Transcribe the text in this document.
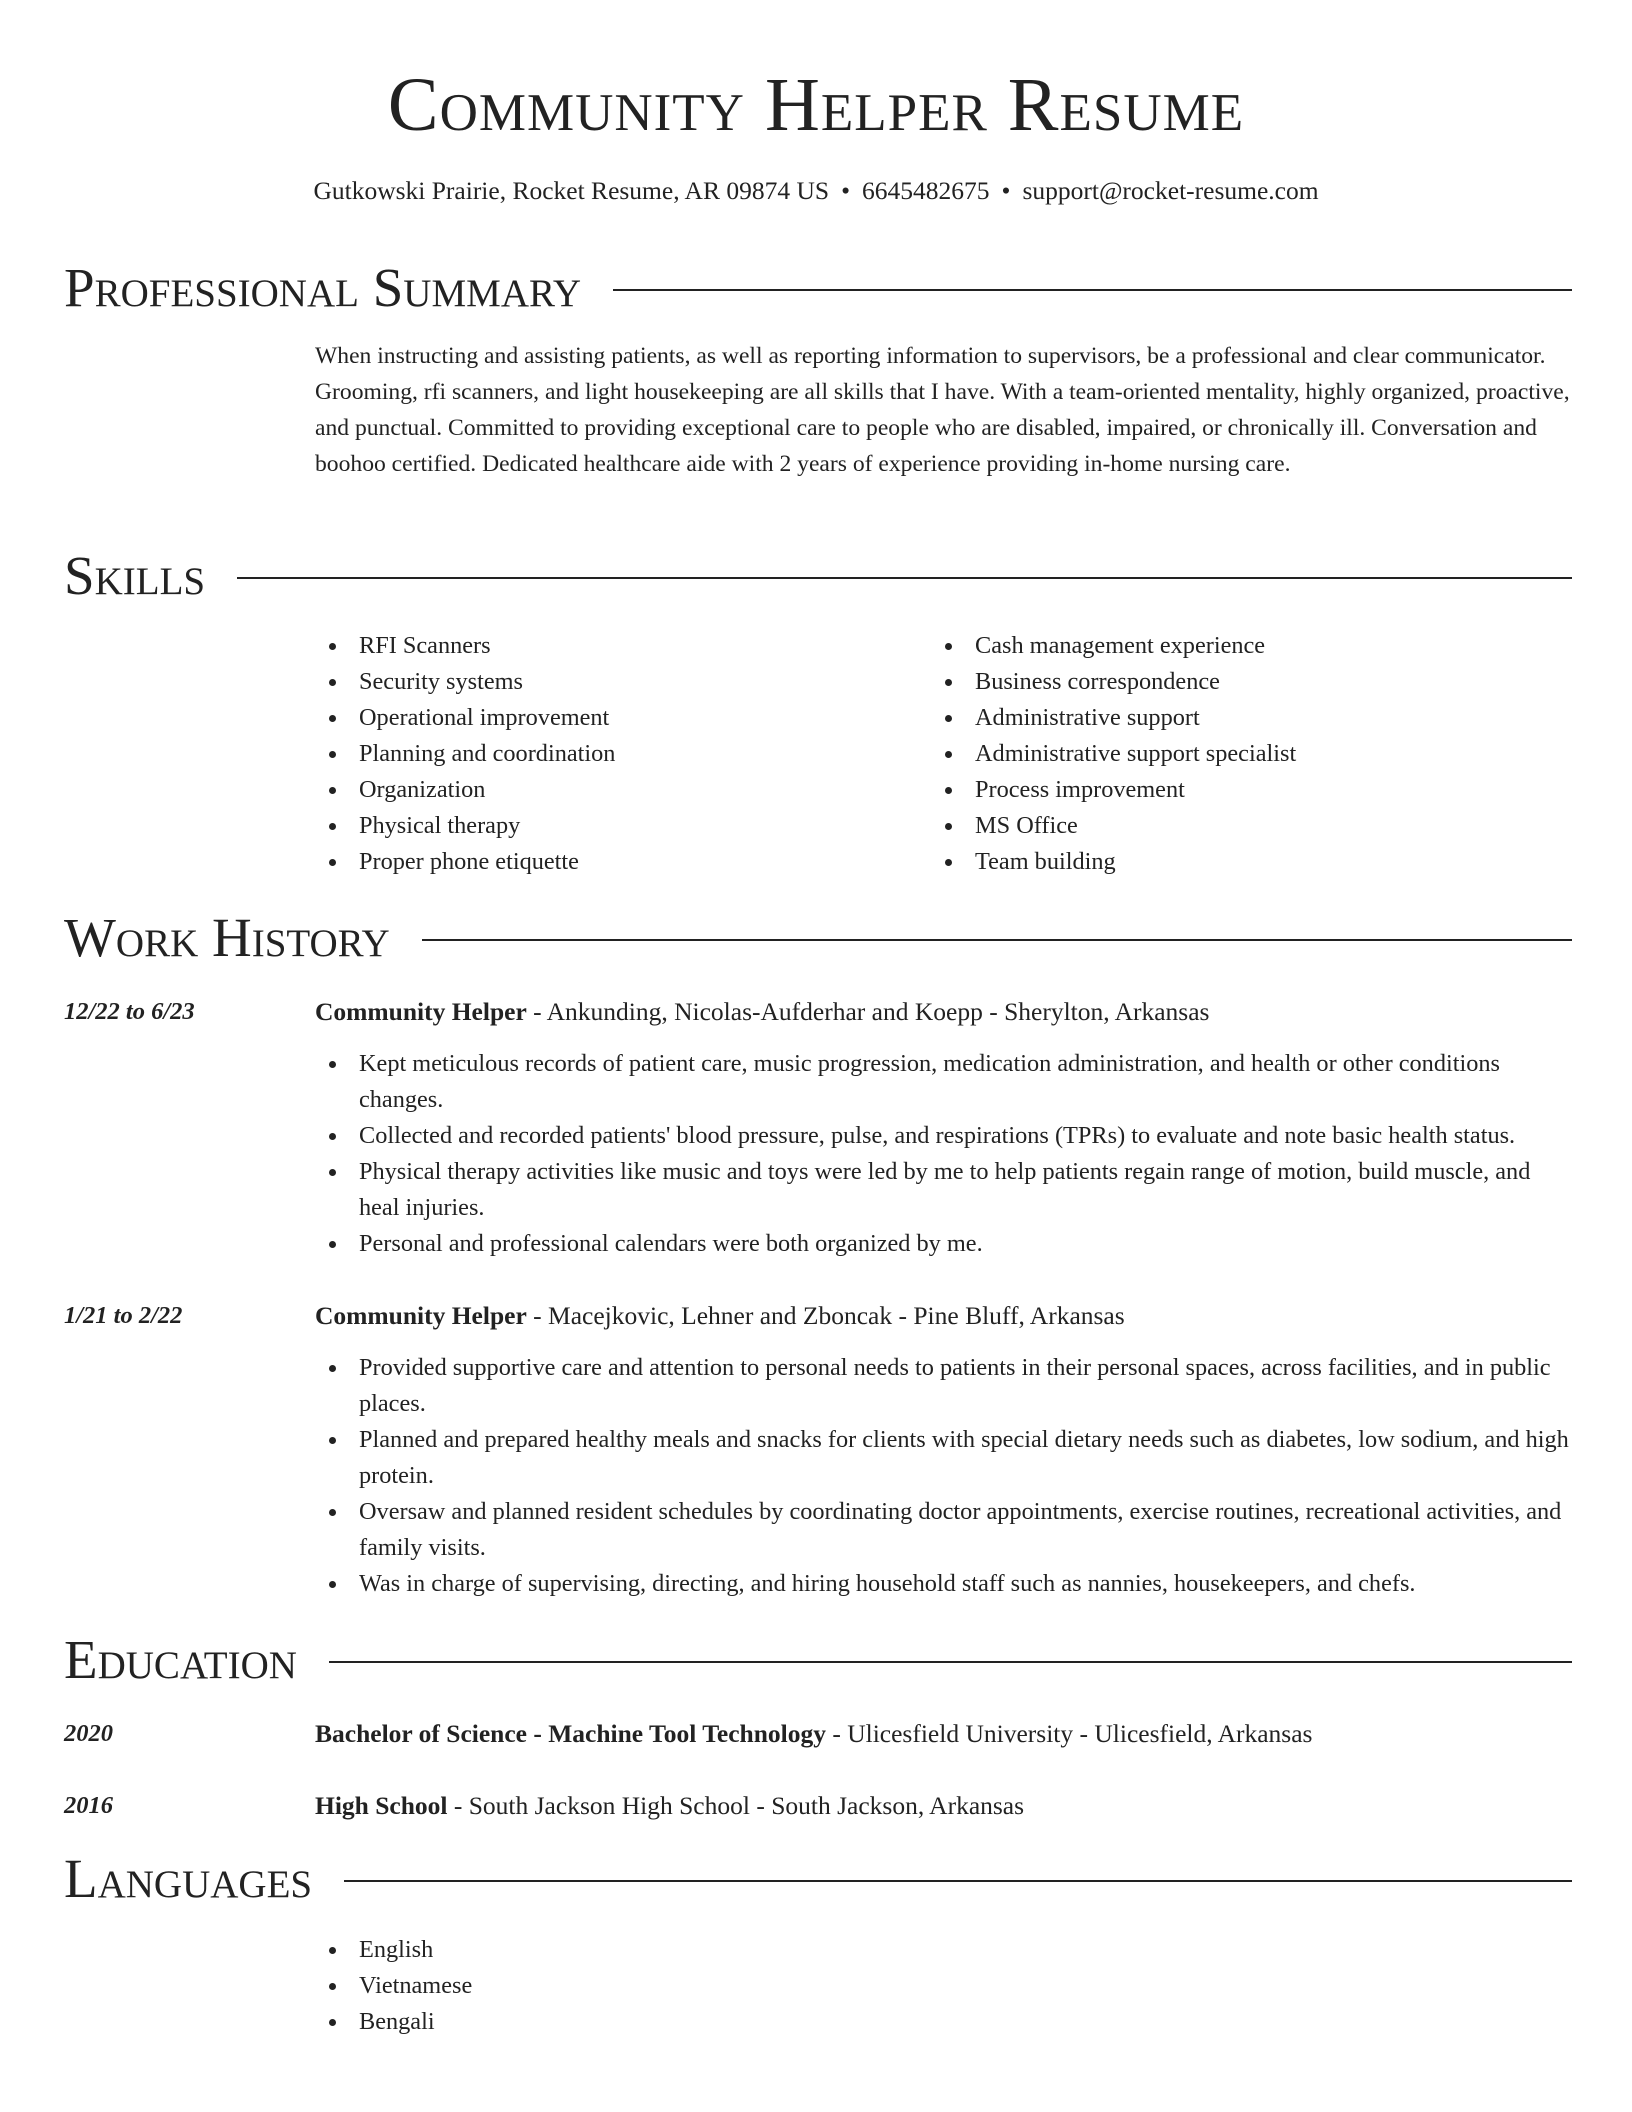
Community Helper Resume
Gutkowski Prairie, Rocket Resume, AR 09874 US • 6645482675 • support@rocket-resume.com
Professional Summary
When instructing and assisting patients, as well as reporting information to supervisors, be a professional and clear communicator. Grooming, rfi scanners, and light housekeeping are all skills that I have. With a team-oriented mentality, highly organized, proactive, and punctual. Committed to providing exceptional care to people who are disabled, impaired, or chronically ill. Conversation and boohoo certified. Dedicated healthcare aide with 2 years of experience providing in-home nursing care.
Skills
RFI Scanners
Security systems
Operational improvement
Planning and coordination
Organization
Physical therapy
Proper phone etiquette
Cash management experience
Business correspondence
Administrative support
Administrative support specialist
Process improvement
MS Office
Team building
Work History
12/22 to 6/23	Community Helper - Ankunding, Nicolas-Aufderhar and Koepp - Sherylton, Arkansas
Kept meticulous records of patient care, music progression, medication administration, and health or other conditions changes.
Collected and recorded patients' blood pressure, pulse, and respirations (TPRs) to evaluate and note basic health status.
Physical therapy activities like music and toys were led by me to help patients regain range of motion, build muscle, and heal injuries.
Personal and professional calendars were both organized by me.
1/21 to 2/22	Community Helper - Macejkovic, Lehner and Zboncak - Pine Bluff, Arkansas
Provided supportive care and attention to personal needs to patients in their personal spaces, across facilities, and in public places.
Planned and prepared healthy meals and snacks for clients with special dietary needs such as diabetes, low sodium, and high protein.
Oversaw and planned resident schedules by coordinating doctor appointments, exercise routines, recreational activities, and family visits.
Was in charge of supervising, directing, and hiring household staff such as nannies, housekeepers, and chefs.
Education
2020	Bachelor of Science - Machine Tool Technology - Ulicesfield University - Ulicesfield, Arkansas
2016	High School - South Jackson High School - South Jackson, Arkansas
Languages
English
Vietnamese
Bengali
